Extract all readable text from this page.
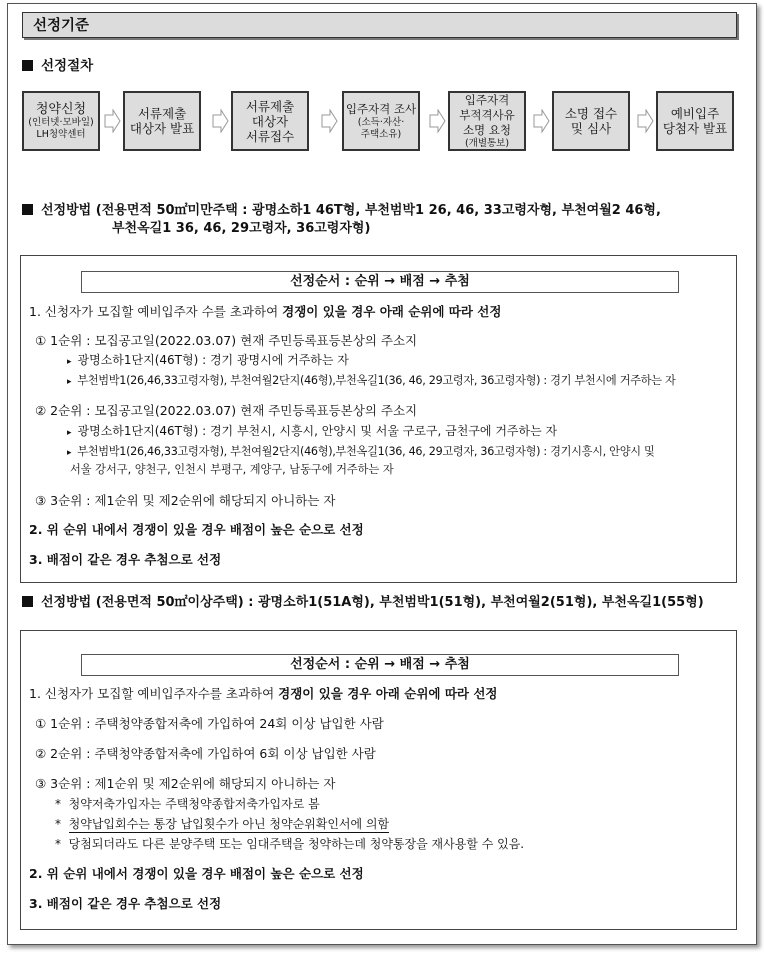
선정기준
선정절차
청약신청
(인터넷·모바일)
LH청약센터
서류제출
대상자 발표
서류제출
대상자
서류접수
입주자격 조사
(소득·자산·
주택소유)
입주자격
부적격사유
소명 요청
(개별통보)
소명 접수
및 심사
예비입주
당첨자 발표
선정방법 (전용면적 50㎡미만주택 : 광명소하1 46T형, 부천범박1 26, 46, 33고령자형, 부천여월2 46형,
부천옥길1 36, 46, 29고령자, 36고령자형)
선정순서 : 순위 → 배점 → 추첨
1. 신청자가 모집할 예비입주자 수를 초과하여 경쟁이 있을 경우 아래 순위에 따라 선정
① 1순위 : 모집공고일(2022.03.07) 현재 주민등록표등본상의 주소지
▸ 광명소하1단지(46T형) : 경기 광명시에 거주하는 자
▸ 부천범박1(26,46,33고령자형), 부천여월2단지(46형),부천옥길1(36, 46, 29고령자, 36고령자형) : 경기 부천시에 거주하는 자
② 2순위 : 모집공고일(2022.03.07) 현재 주민등록표등본상의 주소지
▸ 광명소하1단지(46T형) : 경기 부천시, 시흥시, 안양시 및 서울 구로구, 금천구에 거주하는 자
▸ 부천범박1(26,46,33고령자형), 부천여월2단지(46형),부천옥길1(36, 46, 29고령자, 36고령자형) : 경기시흥시, 안양시 및
서울 강서구, 양천구, 인천시 부평구, 계양구, 남동구에 거주하는 자
③ 3순위 : 제1순위 및 제2순위에 해당되지 아니하는 자
2. 위 순위 내에서 경쟁이 있을 경우 배점이 높은 순으로 선정
3. 배점이 같은 경우 추첨으로 선정
선정방법 (전용면적 50㎡이상주택) : 광명소하1(51A형), 부천범박1(51형), 부천여월2(51형), 부천옥길1(55형)
선정순서 : 순위 → 배점 → 추첨
1. 신청자가 모집할 예비입주자수를 초과하여 경쟁이 있을 경우 아래 순위에 따라 선정
① 1순위 : 주택청약종합저축에 가입하여 24회 이상 납입한 사람
② 2순위 : 주택청약종합저축에 가입하여 6회 이상 납입한 사람
③ 3순위 : 제1순위 및 제2순위에 해당되지 아니하는 자
* 청약저축가입자는 주택청약종합저축가입자로 봄
* 청약납입회수는 통장 납입횟수가 아닌 청약순위확인서에 의함
* 당첨되더라도 다른 분양주택 또는 임대주택을 청약하는데 청약통장을 재사용할 수 있음.
2. 위 순위 내에서 경쟁이 있을 경우 배점이 높은 순으로 선정
3. 배점이 같은 경우 추첨으로 선정
